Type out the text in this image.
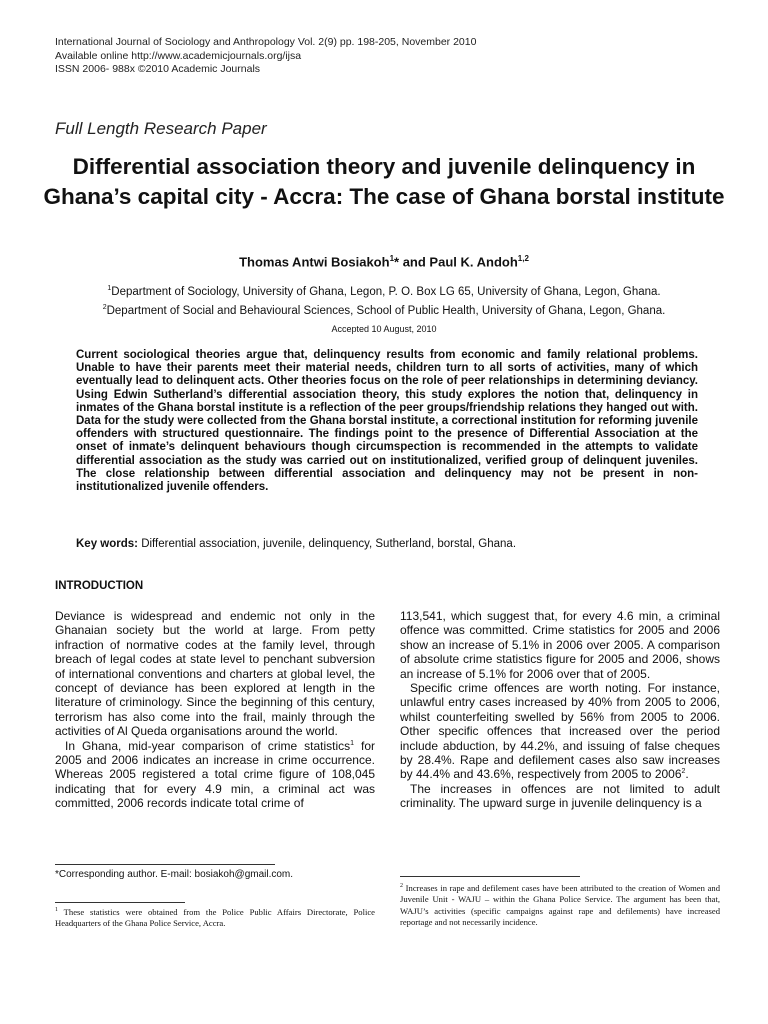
International Journal of Sociology and Anthropology Vol. 2(9) pp. 198-205, November 2010
Available online http://www.academicjournals.org/ijsa
ISSN 2006- 988x ©2010 Academic Journals
Full Length Research Paper
Differential association theory and juvenile delinquency in Ghana’s capital city - Accra: The case of Ghana borstal institute
Thomas Antwi Bosiakoh$^1$* and Paul K. Andoh$^{1,2}$
$^1$Department of Sociology, University of Ghana, Legon, P. O. Box LG 65, University of Ghana, Legon, Ghana.
$^2$Department of Social and Behavioural Sciences, School of Public Health, University of Ghana, Legon, Ghana.
Accepted 10 August, 2010
Current sociological theories argue that, delinquency results from economic and family relational problems. Unable to have their parents meet their material needs, children turn to all sorts of activities, many of which eventually lead to delinquent acts. Other theories focus on the role of peer relationships in determining deviancy. Using Edwin Sutherland’s differential association theory, this study explores the notion that, delinquency in inmates of the Ghana borstal institute is a reflection of the peer groups/friendship relations they hanged out with. Data for the study were collected from the Ghana borstal institute, a correctional institution for reforming juvenile offenders with structured questionnaire. The findings point to the presence of Differential Association at the onset of inmate’s delinquent behaviours though circumspection is recommended in the attempts to validate differential association as the study was carried out on institutionalized, verified group of delinquent juveniles. The close relationship between differential association and delinquency may not be present in non-institutionalized juvenile offenders.
Key words: Differential association, juvenile, delinquency, Sutherland, borstal, Ghana.
INTRODUCTION

Deviance is widespread and endemic not only in the Ghanaian society but the world at large. From petty infraction of normative codes at the family level, through breach of legal codes at state level to penchant subversion of international conventions and charters at global level, the concept of deviance has been explored at length in the literature of criminology. Since the beginning of this century, terrorism has also come into the frail, mainly through the activities of Al Queda organisations around the world.

In Ghana, mid-year comparison of crime statistics$^1$ for 2005 and 2006 indicates an increase in crime occurrence. Whereas 2005 registered a total crime figure of 108,045 indicating that for every 4.9 min, a criminal act was committed, 2006 records indicate total crime of

113,541, which suggest that, for every 4.6 min, a criminal offence was committed. Crime statistics for 2005 and 2006 show an increase of 5.1% in 2006 over 2005. A comparison of absolute crime statistics figure for 2005 and 2006, shows an increase of 5.1% for 2006 over that of 2005.

Specific crime offences are worth noting. For instance, unlawful entry cases increased by 40% from 2005 to 2006, whilst counterfeiting swelled by 56% from 2005 to 2006. Other specific offences that increased over the period include abduction, by 44.2%, and issuing of false cheques by 28.4%. Rape and defilement cases also saw increases by 44.4% and 43.6%, respectively from 2005 to 2006$^2$.

The increases in offences are not limited to adult criminality. The upward surge in juvenile delinquency is a

*Corresponding author. E-mail: bosiakoh@gmail.com.
$^1$ These statistics were obtained from the Police Public Affairs Directorate, Police Headquarters of the Ghana Police Service, Accra.
$^2$ Increases in rape and defilement cases have been attributed to the creation of Women and Juvenile Unit - WAJU – within the Ghana Police Service. The argument has been that, WAJU’s activities (specific campaigns against rape and defilements) have increased reportage and not necessarily incidence.
